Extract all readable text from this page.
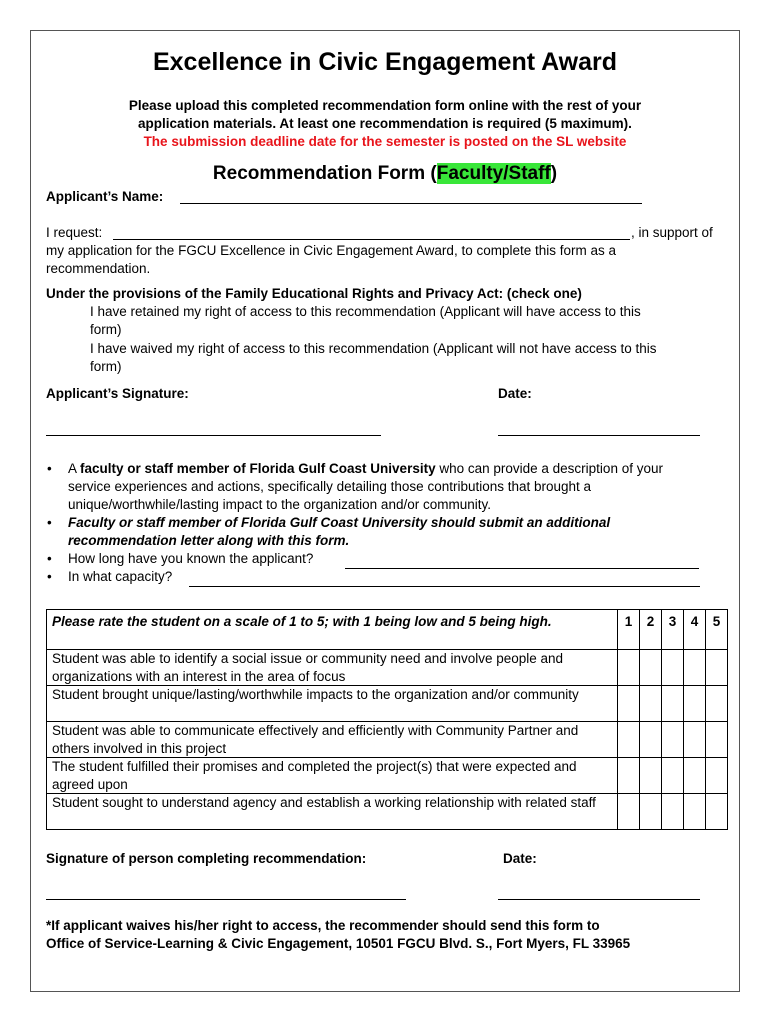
Excellence in Civic Engagement Award
Please upload this completed recommendation form online with the rest of your
application materials. At least one recommendation is required (5 maximum).
The submission deadline date for the semester is posted on the SL website
Recommendation Form (Faculty/Staff)
Applicant’s Name:
I request:	, in support of
my application for the FGCU Excellence in Civic Engagement Award, to complete this form as a
recommendation.
Under the provisions of the Family Educational Rights and Privacy Act: (check one)
I have retained my right of access to this recommendation (Applicant will have access to this
form)
I have waived my right of access to this recommendation (Applicant will not have access to this
form)
Applicant’s Signature:	Date:
• A faculty or staff member of Florida Gulf Coast University who can provide a description of your service experiences and actions, specifically detailing those contributions that brought a unique/worthwhile/lasting impact to the organization and/or community.
• Faculty or staff member of Florida Gulf Coast University should submit an additional recommendation letter along with this form.
• How long have you known the applicant?
• In what capacity?
Please rate the student on a scale of 1 to 5; with 1 being low and 5 being high.	1	2	3	4	5
Student was able to identify a social issue or community need and involve people and organizations with an interest in the area of focus					
Student brought unique/lasting/worthwhile impacts to the organization and/or community					
Student was able to communicate effectively and efficiently with Community Partner and others involved in this project					
The student fulfilled their promises and completed the project(s) that were expected and agreed upon					
Student sought to understand agency and establish a working relationship with related staff					
Signature of person completing recommendation:	Date:
*If applicant waives his/her right to access, the recommender should send this form to
Office of Service-Learning & Civic Engagement, 10501 FGCU Blvd. S., Fort Myers, FL 33965
